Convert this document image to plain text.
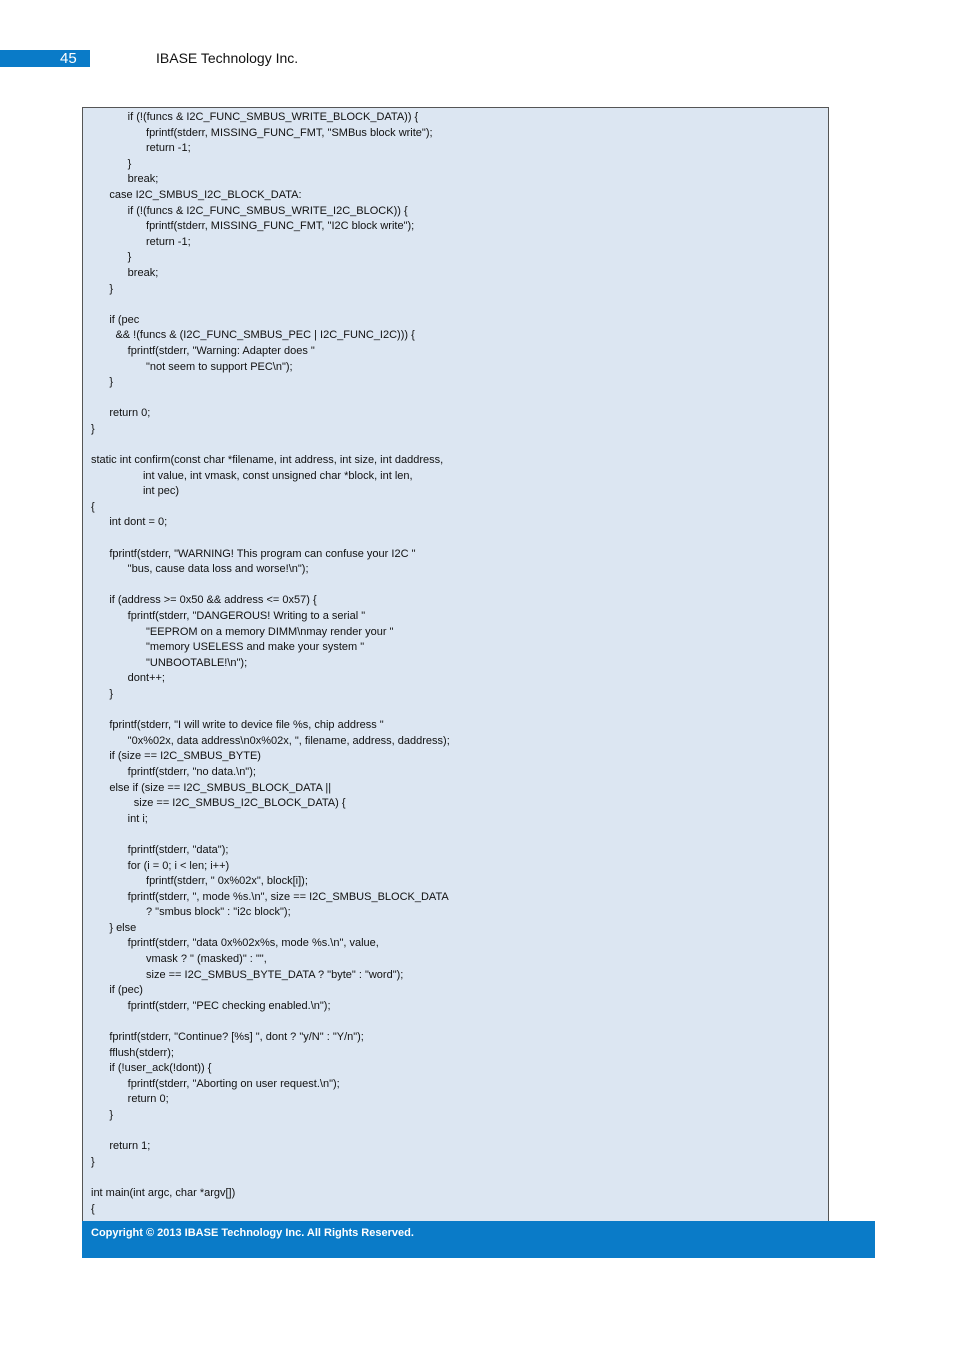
45	IBASE Technology Inc.
if (!(funcs & I2C_FUNC_SMBUS_WRITE_BLOCK_DATA)) {
fprintf(stderr, MISSING_FUNC_FMT, "SMBus block write");
return -1;
}
break;
case I2C_SMBUS_I2C_BLOCK_DATA:
if (!(funcs & I2C_FUNC_SMBUS_WRITE_I2C_BLOCK)) {
fprintf(stderr, MISSING_FUNC_FMT, "I2C block write");
return -1;
}
break;
}
if (pec
&& !(funcs & (I2C_FUNC_SMBUS_PEC | I2C_FUNC_I2C))) {
fprintf(stderr, "Warning: Adapter does "
"not seem to support PEC\n");
}
return 0;
}
static int confirm(const char *filename, int address, int size, int daddress,
int value, int vmask, const unsigned char *block, int len,
int pec)
{
int dont = 0;
fprintf(stderr, "WARNING! This program can confuse your I2C "
"bus, cause data loss and worse!\n");
if (address >= 0x50 && address <= 0x57) {
fprintf(stderr, "DANGEROUS! Writing to a serial "
"EEPROM on a memory DIMM\nmay render your "
"memory USELESS and make your system "
"UNBOOTABLE!\n");
dont++;
}
fprintf(stderr, "I will write to device file %s, chip address "
"0x%02x, data address\n0x%02x, ", filename, address, daddress);
if (size == I2C_SMBUS_BYTE)
fprintf(stderr, "no data.\n");
else if (size == I2C_SMBUS_BLOCK_DATA ||
size == I2C_SMBUS_I2C_BLOCK_DATA) {
int i;
fprintf(stderr, "data");
for (i = 0; i < len; i++)
fprintf(stderr, " 0x%02x", block[i]);
fprintf(stderr, ", mode %s.\n", size == I2C_SMBUS_BLOCK_DATA
? "smbus block" : "i2c block");
} else
fprintf(stderr, "data 0x%02x%s, mode %s.\n", value,
vmask ? " (masked)" : "",
size == I2C_SMBUS_BYTE_DATA ? "byte" : "word");
if (pec)
fprintf(stderr, "PEC checking enabled.\n");
fprintf(stderr, "Continue? [%s] ", dont ? "y/N" : "Y/n");
fflush(stderr);
if (!user_ack(!dont)) {
fprintf(stderr, "Aborting on user request.\n");
return 0;
}
return 1;
}
int main(int argc, char *argv[])
{
Copyright © 2013 IBASE Technology Inc. All Rights Reserved.
